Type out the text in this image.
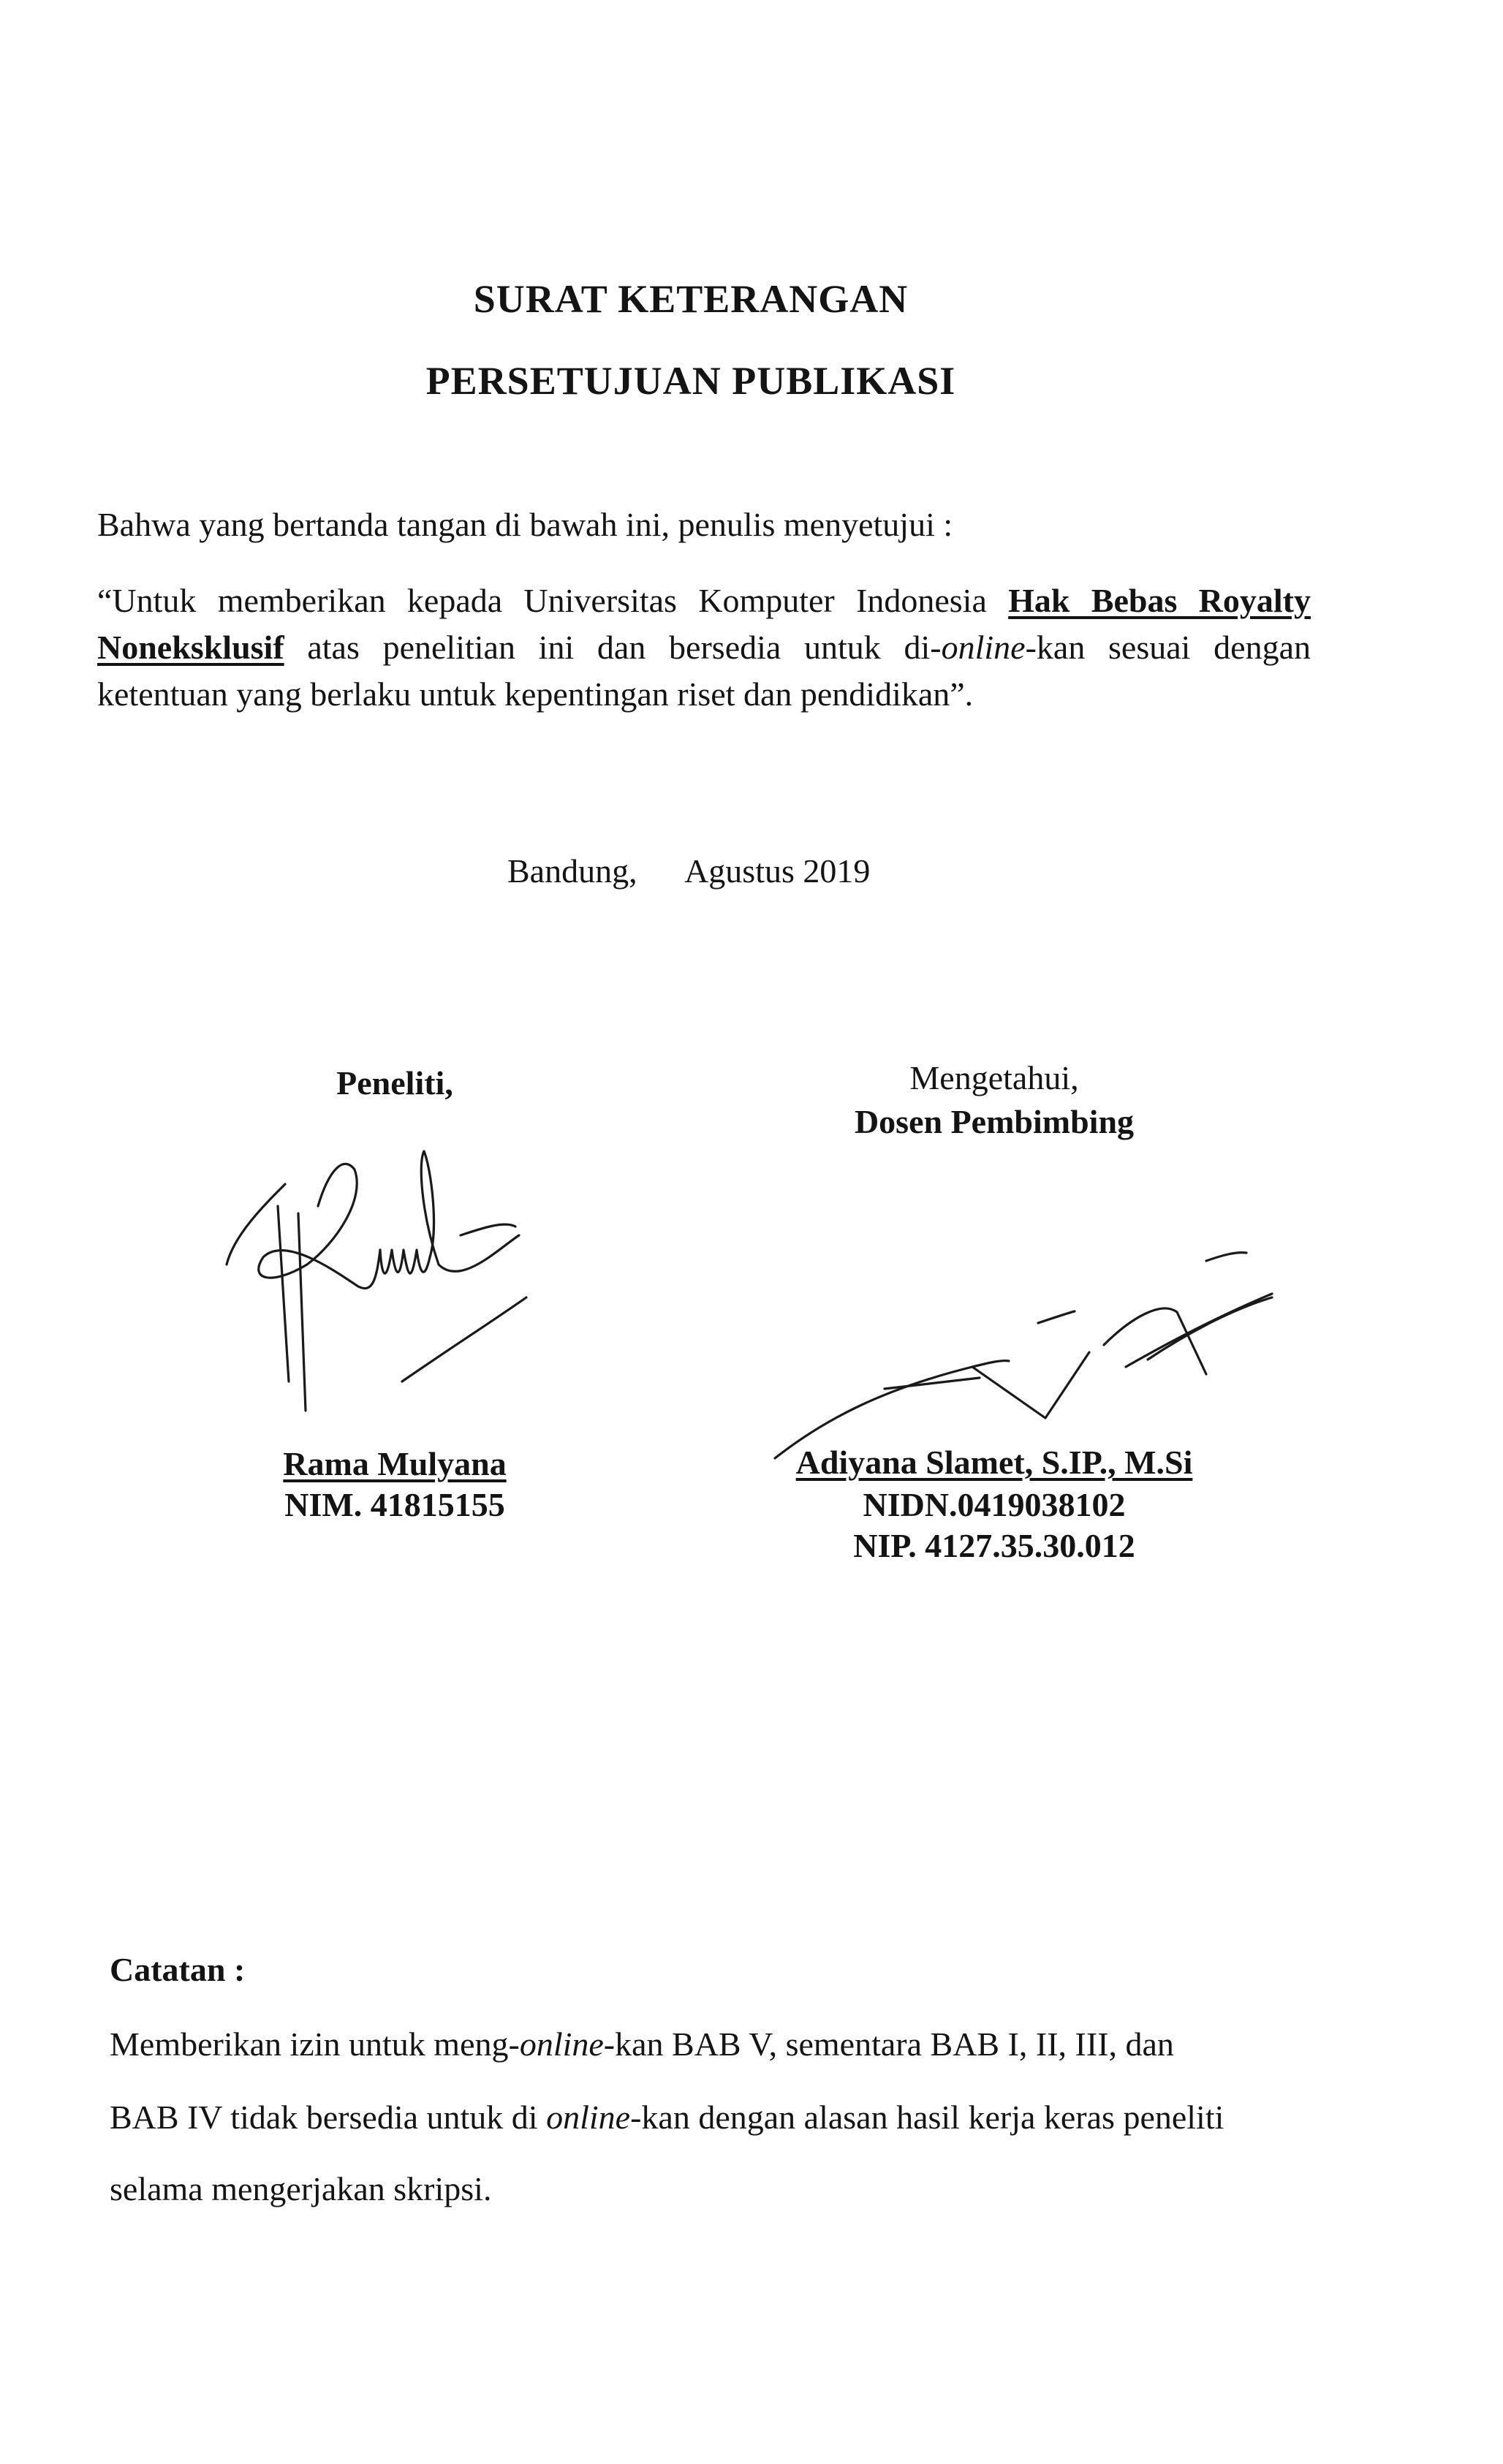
SURAT KETERANGAN
PERSETUJUAN PUBLIKASI
Bahwa yang bertanda tangan di bawah ini, penulis menyetujui :
“Untuk memberikan kepada Universitas Komputer Indonesia Hak Bebas Royalty Noneksklusif atas penelitian ini dan bersedia untuk di-online-kan sesuai dengan ketentuan yang berlaku untuk kepentingan riset dan pendidikan”.
Bandung, Agustus 2019
Peneliti,
Rama Mulyana
NIM. 41815155
Mengetahui,
Dosen Pembimbing
Adiyana Slamet, S.IP., M.Si
NIDN.0419038102
NIP. 4127.35.30.012
Catatan :
Memberikan izin untuk meng-online-kan BAB V, sementara BAB I, II, III, dan
BAB IV tidak bersedia untuk di online-kan dengan alasan hasil kerja keras peneliti
selama mengerjakan skripsi.
